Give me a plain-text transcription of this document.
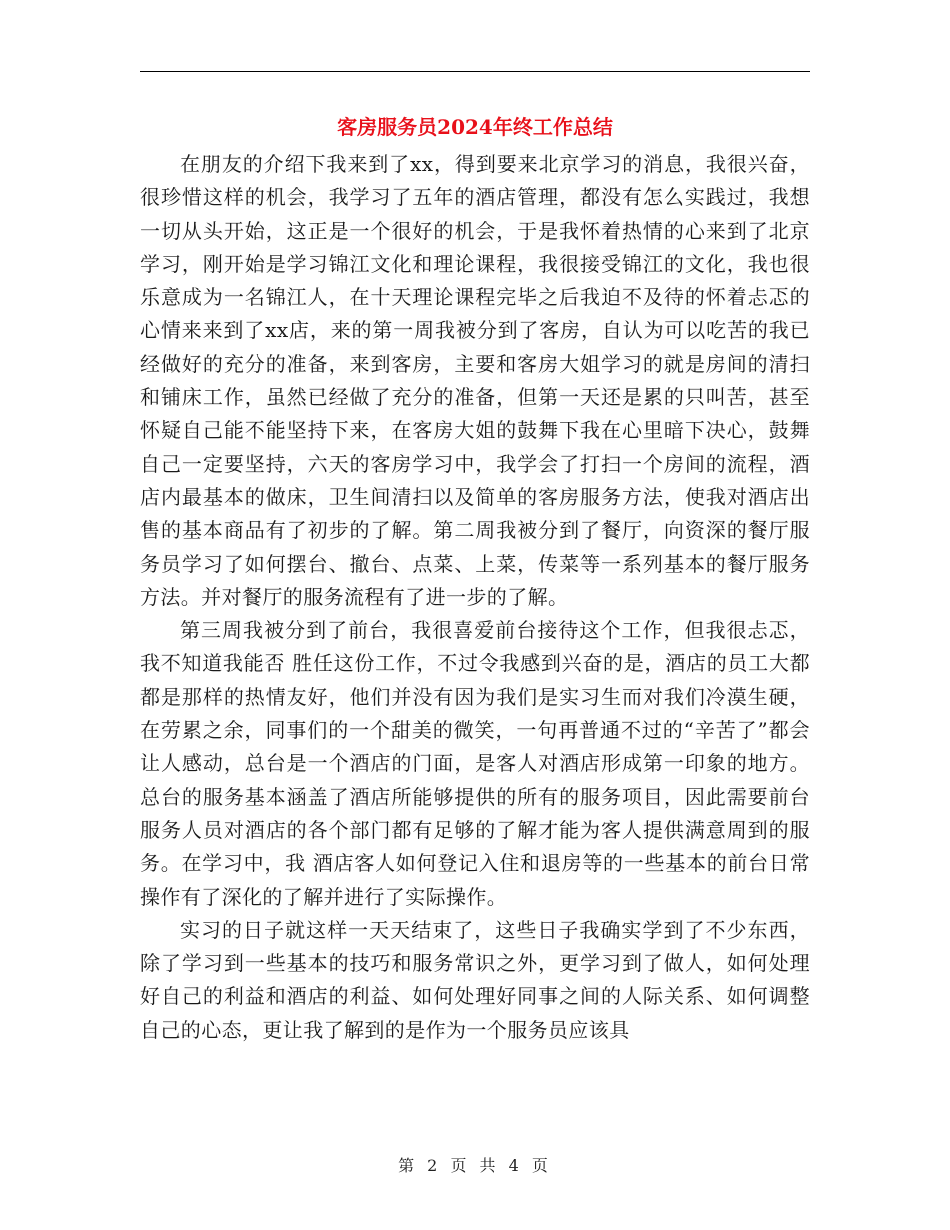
客房服务员2024年终工作总结

在朋友的介绍下我来到了xx，得到要来北京学习的消息，我很兴奋，很珍惜这样的机会，我学习了五年的酒店管理，都没有怎么实践过，我想一切从头开始，这正是一个很好的机会，于是我怀着热情的心来到了北京学习，刚开始是学习锦江文化和理论课程，我很接受锦江的文化，我也很乐意成为一名锦江人，在十天理论课程完毕之后我迫不及待的怀着忐忑的心情来来到了xx店，来的第一周我被分到了客房，自认为可以吃苦的我已经做好的充分的准备，来到客房，主要和客房大姐学习的就是房间的清扫和铺床工作，虽然已经做了充分的准备，但第一天还是累的只叫苦，甚至怀疑自己能不能坚持下来，在客房大姐的鼓舞下我在心里暗下决心，鼓舞自己一定要坚持，六天的客房学习中，我学会了打扫一个房间的流程，酒店内最基本的做床，卫生间清扫以及简单的客房服务方法，使我对酒店出售的基本商品有了初步的了解。第二周我被分到了餐厅，向资深的餐厅服务员学习了如何摆台、撤台、点菜、上菜，传菜等一系列基本的餐厅服务方法。并对餐厅的服务流程有了进一步的了解。

第三周我被分到了前台，我很喜爱前台接待这个工作，但我很忐忑，我不知道我能否 胜任这份工作，不过令我感到兴奋的是，酒店的员工大都都是那样的热情友好，他们并没有因为我们是实习生而对我们冷漠生硬，在劳累之余，同事们的一个甜美的微笑，一句再普通不过的“辛苦了”都会让人感动，总台是一个酒店的门面，是客人对酒店形成第一印象的地方。总台的服务基本涵盖了酒店所能够提供的所有的服务项目，因此需要前台服务人员对酒店的各个部门都有足够的了解才能为客人提供满意周到的服务。在学习中，我 酒店客人如何登记入住和退房等的一些基本的前台日常操作有了深化的了解并进行了实际操作。

实习的日子就这样一天天结束了，这些日子我确实学到了不少东西，除了学习到一些基本的技巧和服务常识之外，更学习到了做人，如何处理好自己的利益和酒店的利益、如何处理好同事之间的人际关系、如何调整自己的心态，更让我了解到的是作为一个服务员应该具

第 2 页 共 4 页
